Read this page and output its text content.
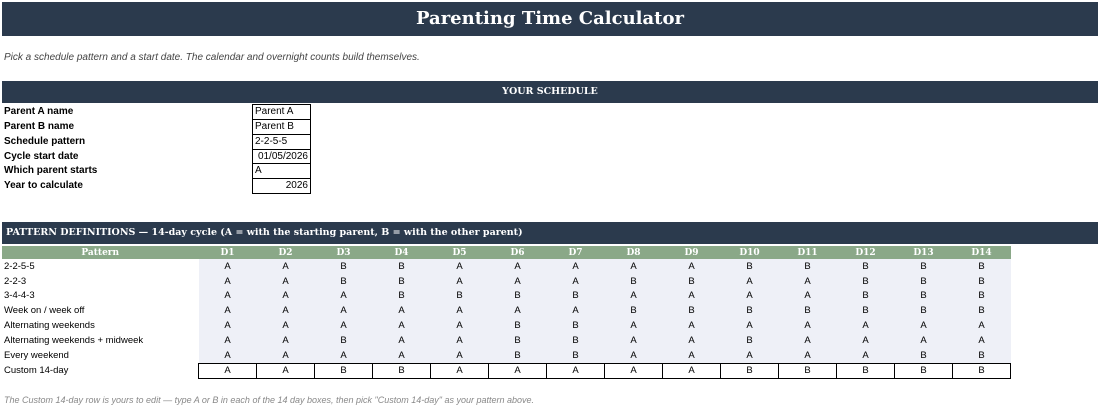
Parenting Time Calculator
Pick a schedule pattern and a start date. The calendar and overnight counts build themselves.
YOUR SCHEDULE
Parent A name	Parent A
Parent B name	Parent B
Schedule pattern	2-2-5-5
Cycle start date	01/05/2026
Which parent starts	A
Year to calculate	2026
PATTERN DEFINITIONS — 14-day cycle (A = with the starting parent, B = with the other parent)
Pattern	D1	D2	D3	D4	D5	D6	D7	D8	D9	D10	D11	D12	D13	D14
2-2-5-5	A	A	B	B	A	A	A	A	A	B	B	B	B	B
2-2-3	A	A	B	B	A	A	A	B	B	A	A	B	B	B
3-4-4-3	A	A	A	B	B	B	B	A	A	A	A	B	B	B
Week on / week off	A	A	A	A	A	A	A	B	B	B	B	B	B	B
Alternating weekends	A	A	A	A	A	B	B	A	A	A	A	A	A	A
Alternating weekends + midweek	A	A	B	A	A	B	B	A	A	B	A	A	A	A
Every weekend	A	A	A	A	A	B	B	A	A	A	A	A	B	B
Custom 14-day	A	A	B	B	A	A	A	A	A	B	B	B	B	B
The Custom 14-day row is yours to edit — type A or B in each of the 14 day boxes, then pick "Custom 14-day" as your pattern above.
